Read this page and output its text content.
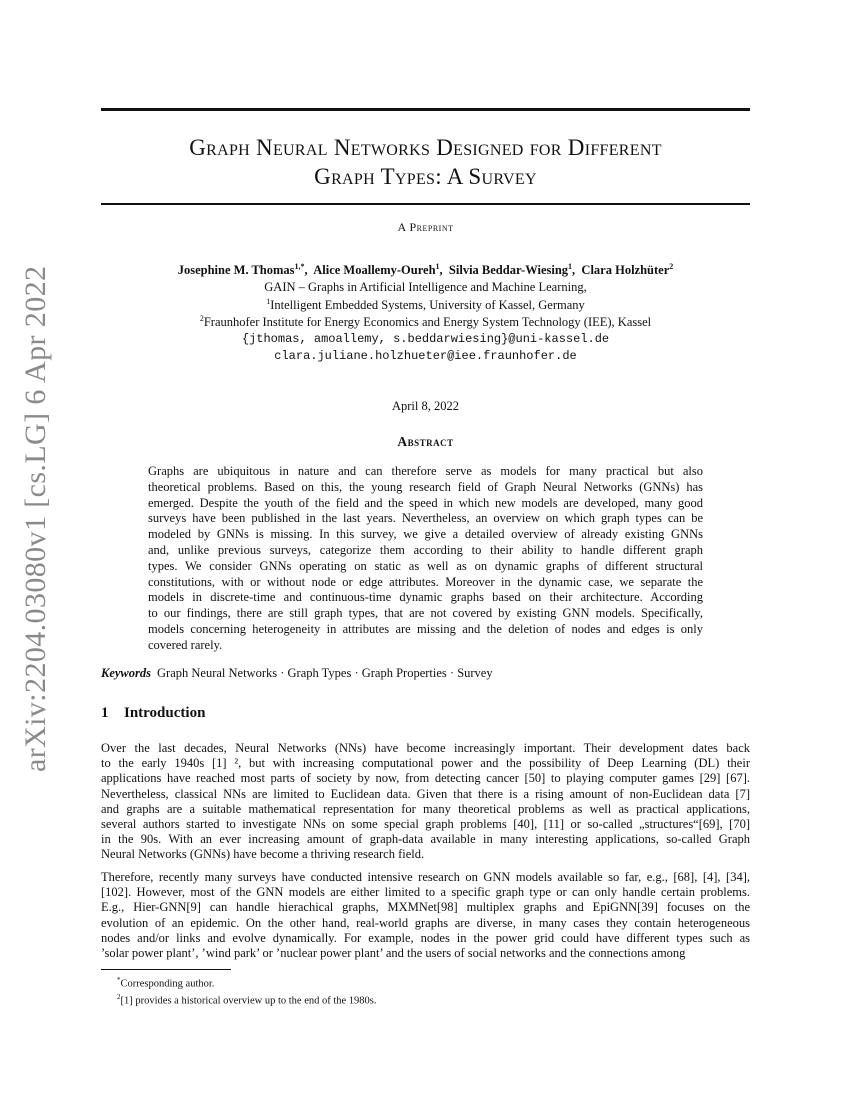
arXiv:2204.03080v1 [cs.LG] 6 Apr 2022
Graph Neural Networks Designed for Different
Graph Types: A Survey
A Preprint
Josephine M. Thomas$^{1,*}$,  Alice Moallemy-Oureh$^1$,  Silvia Beddar-Wiesing$^1$,  Clara Holzhüter$^2$
GAIN – Graphs in Artificial Intelligence and Machine Learning,
$^1$Intelligent Embedded Systems, University of Kassel, Germany
$^2$Fraunhofer Institute for Energy Economics and Energy System Technology (IEE), Kassel
{jthomas, amoallemy, s.beddarwiesing}@uni-kassel.de
clara.juliane.holzhueter@iee.fraunhofer.de
April 8, 2022
Abstract
Graphs are ubiquitous in nature and can therefore serve as models for many practical but also
theoretical problems. Based on this, the young research field of Graph Neural Networks (GNNs) has
emerged. Despite the youth of the field and the speed in which new models are developed, many good
surveys have been published in the last years. Nevertheless, an overview on which graph types can be
modeled by GNNs is missing. In this survey, we give a detailed overview of already existing GNNs
and, unlike previous surveys, categorize them according to their ability to handle different graph
types. We consider GNNs operating on static as well as on dynamic graphs of different structural
constitutions, with or without node or edge attributes. Moreover in the dynamic case, we separate the
models in discrete-time and continuous-time dynamic graphs based on their architecture. According
to our findings, there are still graph types, that are not covered by existing GNN models. Specifically,
models concerning heterogeneity in attributes are missing and the deletion of nodes and edges is only
covered rarely.
Keywords Graph Neural Networks · Graph Types · Graph Properties · Survey
1 Introduction
Over the last decades, Neural Networks (NNs) have become increasingly important. Their development dates back
to the early 1940s [1] ², but with increasing computational power and the possibility of Deep Learning (DL) their
applications have reached most parts of society by now, from detecting cancer [50] to playing computer games [29] [67].
Nevertheless, classical NNs are limited to Euclidean data. Given that there is a rising amount of non-Euclidean data [7]
and graphs are a suitable mathematical representation for many theoretical problems as well as practical applications,
several authors started to investigate NNs on some special graph problems [40], [11] or so-called „structures“[69], [70]
in the 90s. With an ever increasing amount of graph-data available in many interesting applications, so-called Graph
Neural Networks (GNNs) have become a thriving research field.
Therefore, recently many surveys have conducted intensive research on GNN models available so far, e.g., [68], [4], [34],
[102]. However, most of the GNN models are either limited to a specific graph type or can only handle certain problems.
E.g., Hier-GNN[9] can handle hierachical graphs, MXMNet[98] multiplex graphs and EpiGNN[39] focuses on the
evolution of an epidemic. On the other hand, real-world graphs are diverse, in many cases they contain heterogeneous
nodes and/or links and evolve dynamically. For example, nodes in the power grid could have different types such as
’solar power plant’, ’wind park’ or ’nuclear power plant’ and the users of social networks and the connections among
*Corresponding author.
$^2$[1] provides a historical overview up to the end of the 1980s.
